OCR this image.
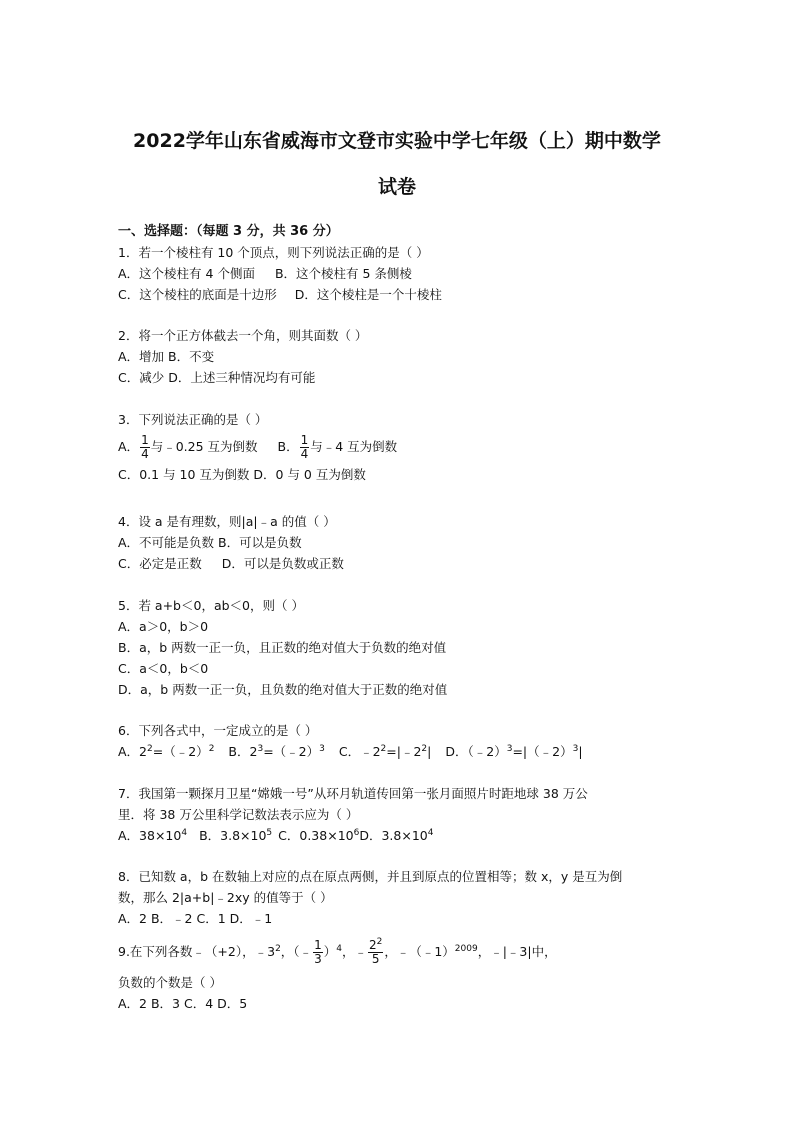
2022学年山东省威海市文登市实验中学七年级（上）期中数学
试卷
一、选择题：（每题 3 分，共 36 分）
1．若一个棱柱有 10 个顶点，则下列说法正确的是（ ）
A．这个棱柱有 4 个侧面 B．这个棱柱有 5 条侧棱
C．这个棱柱的底面是十边形 D．这个棱柱是一个十棱柱
2．将一个正方体截去一个角，则其面数（ ）
A．增加 B．不变
C．减少 D．上述三种情况均有可能
3．下列说法正确的是（ ）
A． $\frac{1}{4}$ 与﹣0.25 互为倒数 B． $\frac{1}{4}$ 与﹣4 互为倒数
C．0.1 与 10 互为倒数 D．0 与 0 互为倒数
4．设 a 是有理数，则|a|﹣a 的值（ ）
A．不可能是负数 B．可以是负数
C．必定是正数 D．可以是负数或正数
5．若 a+b＜0，ab＜0，则（ ）
A．a＞0，b＞0
B．a，b 两数一正一负，且正数的绝对值大于负数的绝对值
C．a＜0，b＜0
D．a，b 两数一正一负，且负数的绝对值大于正数的绝对值
6．下列各式中，一定成立的是（ ）
A．$2^2=(﹣2)^2$ B．$2^3=(﹣2)^3$ C．$﹣2^2=|﹣2^2|$ D．（﹣2）$^3$=|（﹣2）$^3$|
7．我国第一颗探月卫星“嫦娥一号”从环月轨道传回第一张月面照片时距地球 38 万公
里．将 38 万公里科学记数法表示应为（ ）
A．$38\times 10^4$ B．$3.8\times 10^5$ C．$0.38\times 10^6D$．$3.8\times 10^4$
8．已知数 a，b 在数轴上对应的点在原点两侧，并且到原点的位置相等；数 x，y 是互为倒
数，那么 2|a+b|﹣2xy 的值等于（ ）
A．2 B．﹣2 C．1 D．﹣1
9.在下列各数﹣（+2），$﹣3^2$，（﹣ $\frac{1}{3} )^4$，﹣ $\frac{2^2}{5}$ ，﹣（﹣1）$^{2009}$，﹣|﹣3|中，
负数的个数是（ ）
A．2 B．3 C．4 D．5
